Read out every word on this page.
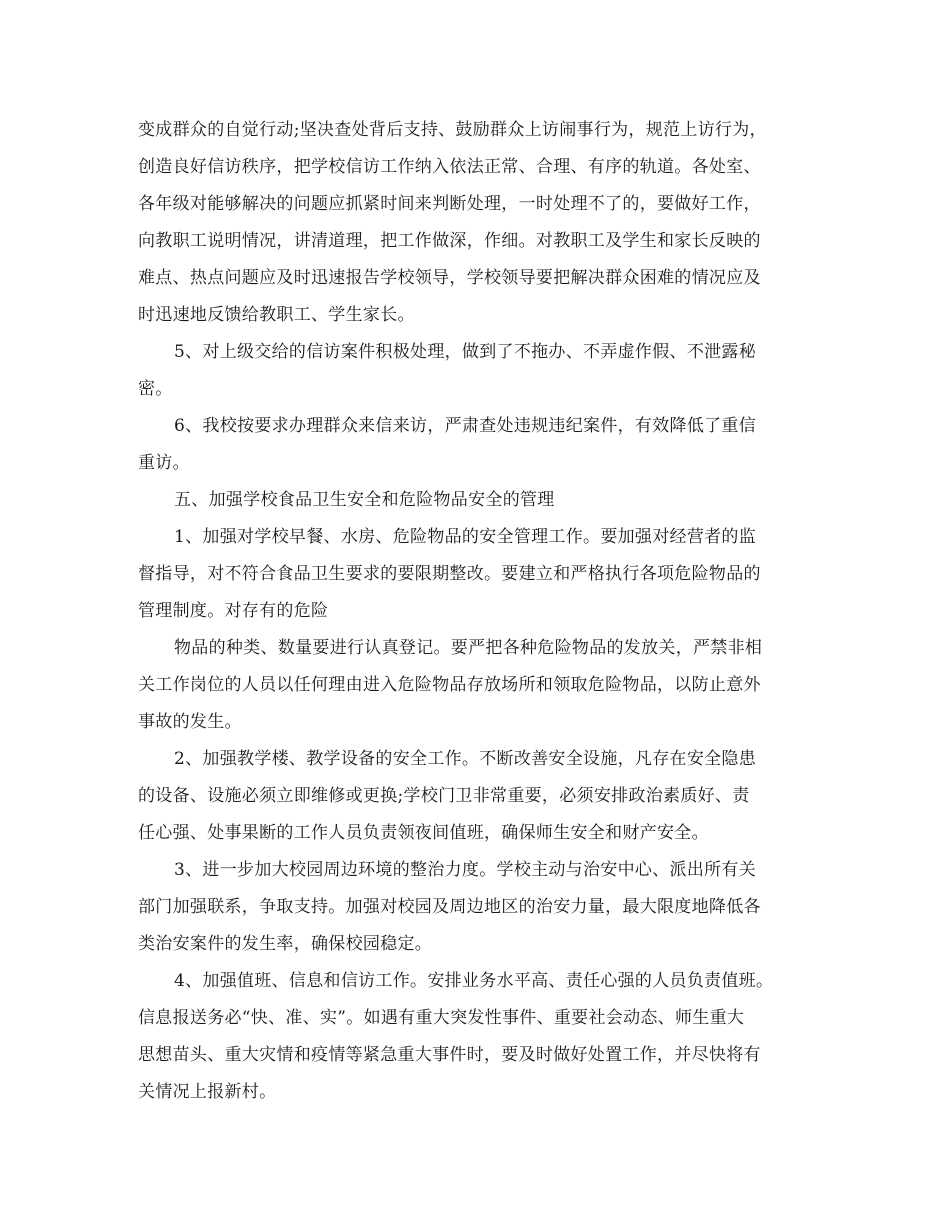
变成群众的自觉行动;坚决查处背后支持、鼓励群众上访闹事行为，规范上访行为，

创造良好信访秩序，把学校信访工作纳入依法正常、合理、有序的轨道。各处室、

各年级对能够解决的问题应抓紧时间来判断处理，一时处理不了的，要做好工作，

向教职工说明情况，讲清道理，把工作做深，作细。对教职工及学生和家长反映的

难点、热点问题应及时迅速报告学校领导，学校领导要把解决群众困难的情况应及

时迅速地反馈给教职工、学生家长。

5、对上级交给的信访案件积极处理，做到了不拖办、不弄虚作假、不泄露秘

密。

6、我校按要求办理群众来信来访，严肃查处违规违纪案件，有效降低了重信

重访。

五、加强学校食品卫生安全和危险物品安全的管理

1、加强对学校早餐、水房、危险物品的安全管理工作。要加强对经营者的监

督指导，对不符合食品卫生要求的要限期整改。要建立和严格执行各项危险物品的

管理制度。对存有的危险

物品的种类、数量要进行认真登记。要严把各种危险物品的发放关，严禁非相

关工作岗位的人员以任何理由进入危险物品存放场所和领取危险物品，以防止意外

事故的发生。

2、加强教学楼、教学设备的安全工作。不断改善安全设施，凡存在安全隐患

的设备、设施必须立即维修或更换;学校门卫非常重要，必须安排政治素质好、责

任心强、处事果断的工作人员负责领夜间值班，确保师生安全和财产安全。

3、进一步加大校园周边环境的整治力度。学校主动与治安中心、派出所有关

部门加强联系，争取支持。加强对校园及周边地区的治安力量，最大限度地降低各

类治安案件的发生率，确保校园稳定。

4、加强值班、信息和信访工作。安排业务水平高、责任心强的人员负责值班。

信息报送务必“快、准、实”。如遇有重大突发性事件、重要社会动态、师生重大

思想苗头、重大灾情和疫情等紧急重大事件时，要及时做好处置工作，并尽快将有

关情况上报新村。
